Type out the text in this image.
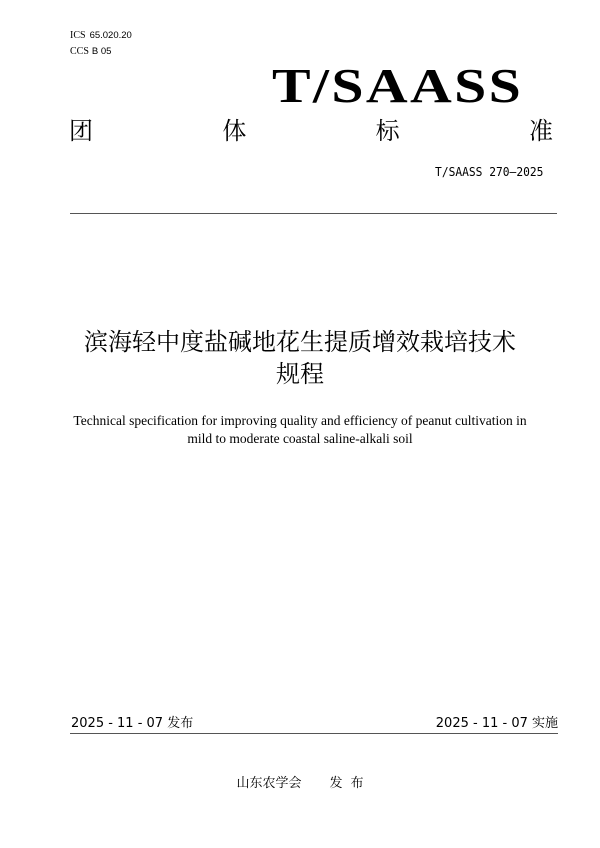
ICS 65.020.20
CCS B 05
T/SAASS
团	体	标	准
T/SAASS 270—2025
滨海轻中度盐碱地花生提质增效栽培技术
规程
Technical specification for improving quality and efficiency of peanut cultivation in
mild to moderate coastal saline-alkali soil
2025 - 11 - 07 发布	2025 - 11 - 07 实施
山东农学会 发 布
